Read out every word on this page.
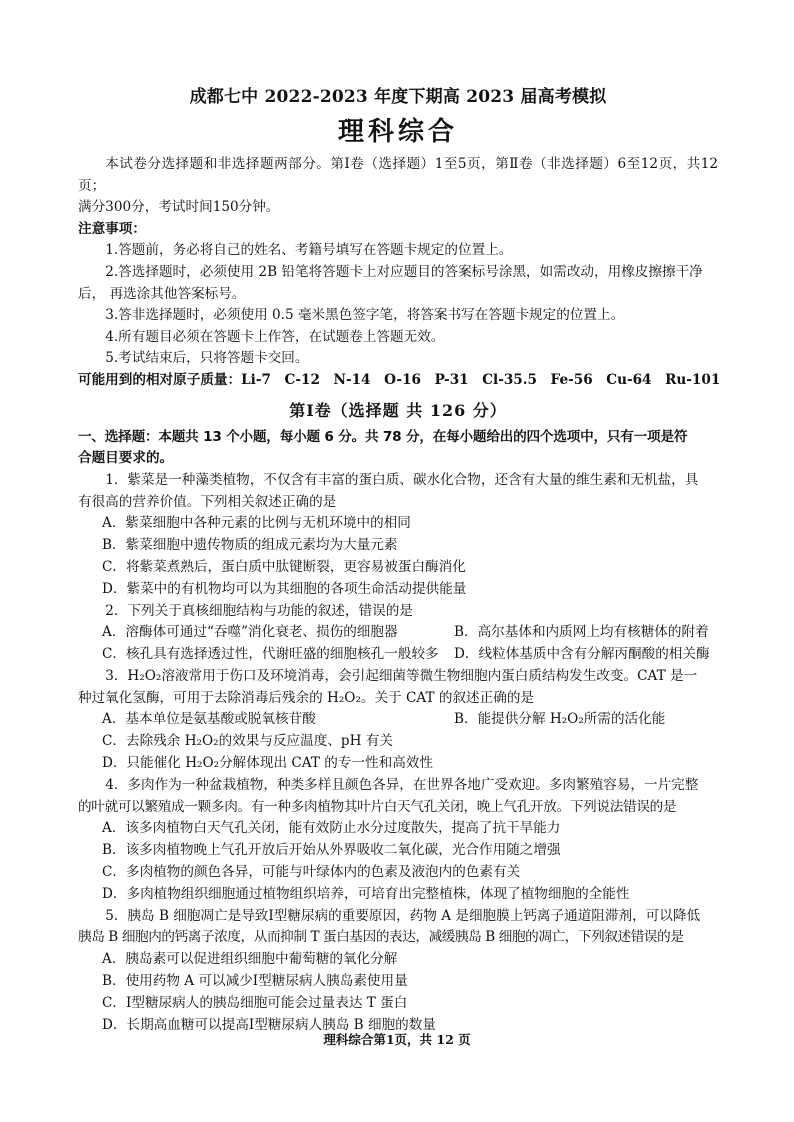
成都七中 2022-2023 年度下期高 2023 届高考模拟
理科综合

本试卷分选择题和非选择题两部分。第Ⅰ卷（选择题）1至5页，第Ⅱ卷（非选择题）6至12页，共12页；

满分300分，考试时间150分钟。

注意事项：

1.答题前，务必将自己的姓名、考籍号填写在答题卡规定的位置上。

2.答选择题时，必须使用 2B 铅笔将答题卡上对应题目的答案标号涂黑，如需改动，用橡皮擦擦干净

后， 再选涂其他答案标号。

3.答非选择题时，必须使用 0.5 毫米黑色签字笔，将答案书写在答题卡规定的位置上。

4.所有题目必须在答题卡上作答，在试题卷上答题无效。

5.考试结束后，只将答题卡交回。

可能用到的相对原子质量：Li-7　C-12　N-14　O-16　P-31　Cl-35.5　Fe-56　Cu-64　Ru-101

第Ⅰ卷（选择题 共 126 分）

一、选择题：本题共 13 个小题，每小题 6 分。共 78 分，在每小题给出的四个选项中，只有一项是符

合题目要求的。

1．紫菜是一种藻类植物，不仅含有丰富的蛋白质、碳水化合物，还含有大量的维生素和无机盐，具

有很高的营养价值。下列相关叙述正确的是

A．紫菜细胞中各种元素的比例与无机环境中的相同
B．紫菜细胞中遗传物质的组成元素均为大量元素
C．将紫菜煮熟后，蛋白质中肽键断裂，更容易被蛋白酶消化
D．紫菜中的有机物均可以为其细胞的各项生命活动提供能量

2．下列关于真核细胞结构与功能的叙述，错误的是

A．溶酶体可通过“吞噬”消化衰老、损伤的细胞器	B．高尔基体和内质网上均有核糖体的附着
C．核孔具有选择透过性，代谢旺盛的细胞核孔一般较多	D．线粒体基质中含有分解丙酮酸的相关酶

3．H₂O₂溶液常用于伤口及环境消毒，会引起细菌等微生物细胞内蛋白质结构发生改变。CAT 是一

种过氧化氢酶，可用于去除消毒后残余的 H₂O₂。关于 CAT 的叙述正确的是

A．基本单位是氨基酸或脱氧核苷酸	B．能提供分解 H₂O₂所需的活化能
C．去除残余 H₂O₂的效果与反应温度、pH 有关
D．只能催化 H₂O₂分解体现出 CAT 的专一性和高效性

4．多肉作为一种盆栽植物，种类多样且颜色各异，在世界各地广受欢迎。多肉繁殖容易，一片完整

的叶就可以繁殖成一颗多肉。有一种多肉植物其叶片白天气孔关闭，晚上气孔开放。下列说法错误的是

A．该多肉植物白天气孔关闭，能有效防止水分过度散失，提高了抗干旱能力
B．该多肉植物晚上气孔开放后开始从外界吸收二氧化碳，光合作用随之增强
C．多肉植物的颜色各异，可能与叶绿体内的色素及液泡内的色素有关
D．多肉植物组织细胞通过植物组织培养，可培育出完整植株，体现了植物细胞的全能性

5．胰岛 B 细胞凋亡是导致Ⅰ型糖尿病的重要原因，药物 A 是细胞膜上钙离子通道阻滞剂，可以降低

胰岛 B 细胞内的钙离子浓度，从而抑制 T 蛋白基因的表达，减缓胰岛 B 细胞的凋亡，下列叙述错误的是

A．胰岛素可以促进组织细胞中葡萄糖的氧化分解
B．使用药物 A 可以减少Ⅰ型糖尿病人胰岛素使用量
C．Ⅰ型糖尿病人的胰岛细胞可能会过量表达 T 蛋白
D．长期高血糖可以提高Ⅰ型糖尿病人胰岛 B 细胞的数量
理科综合第1页，共 12 页
